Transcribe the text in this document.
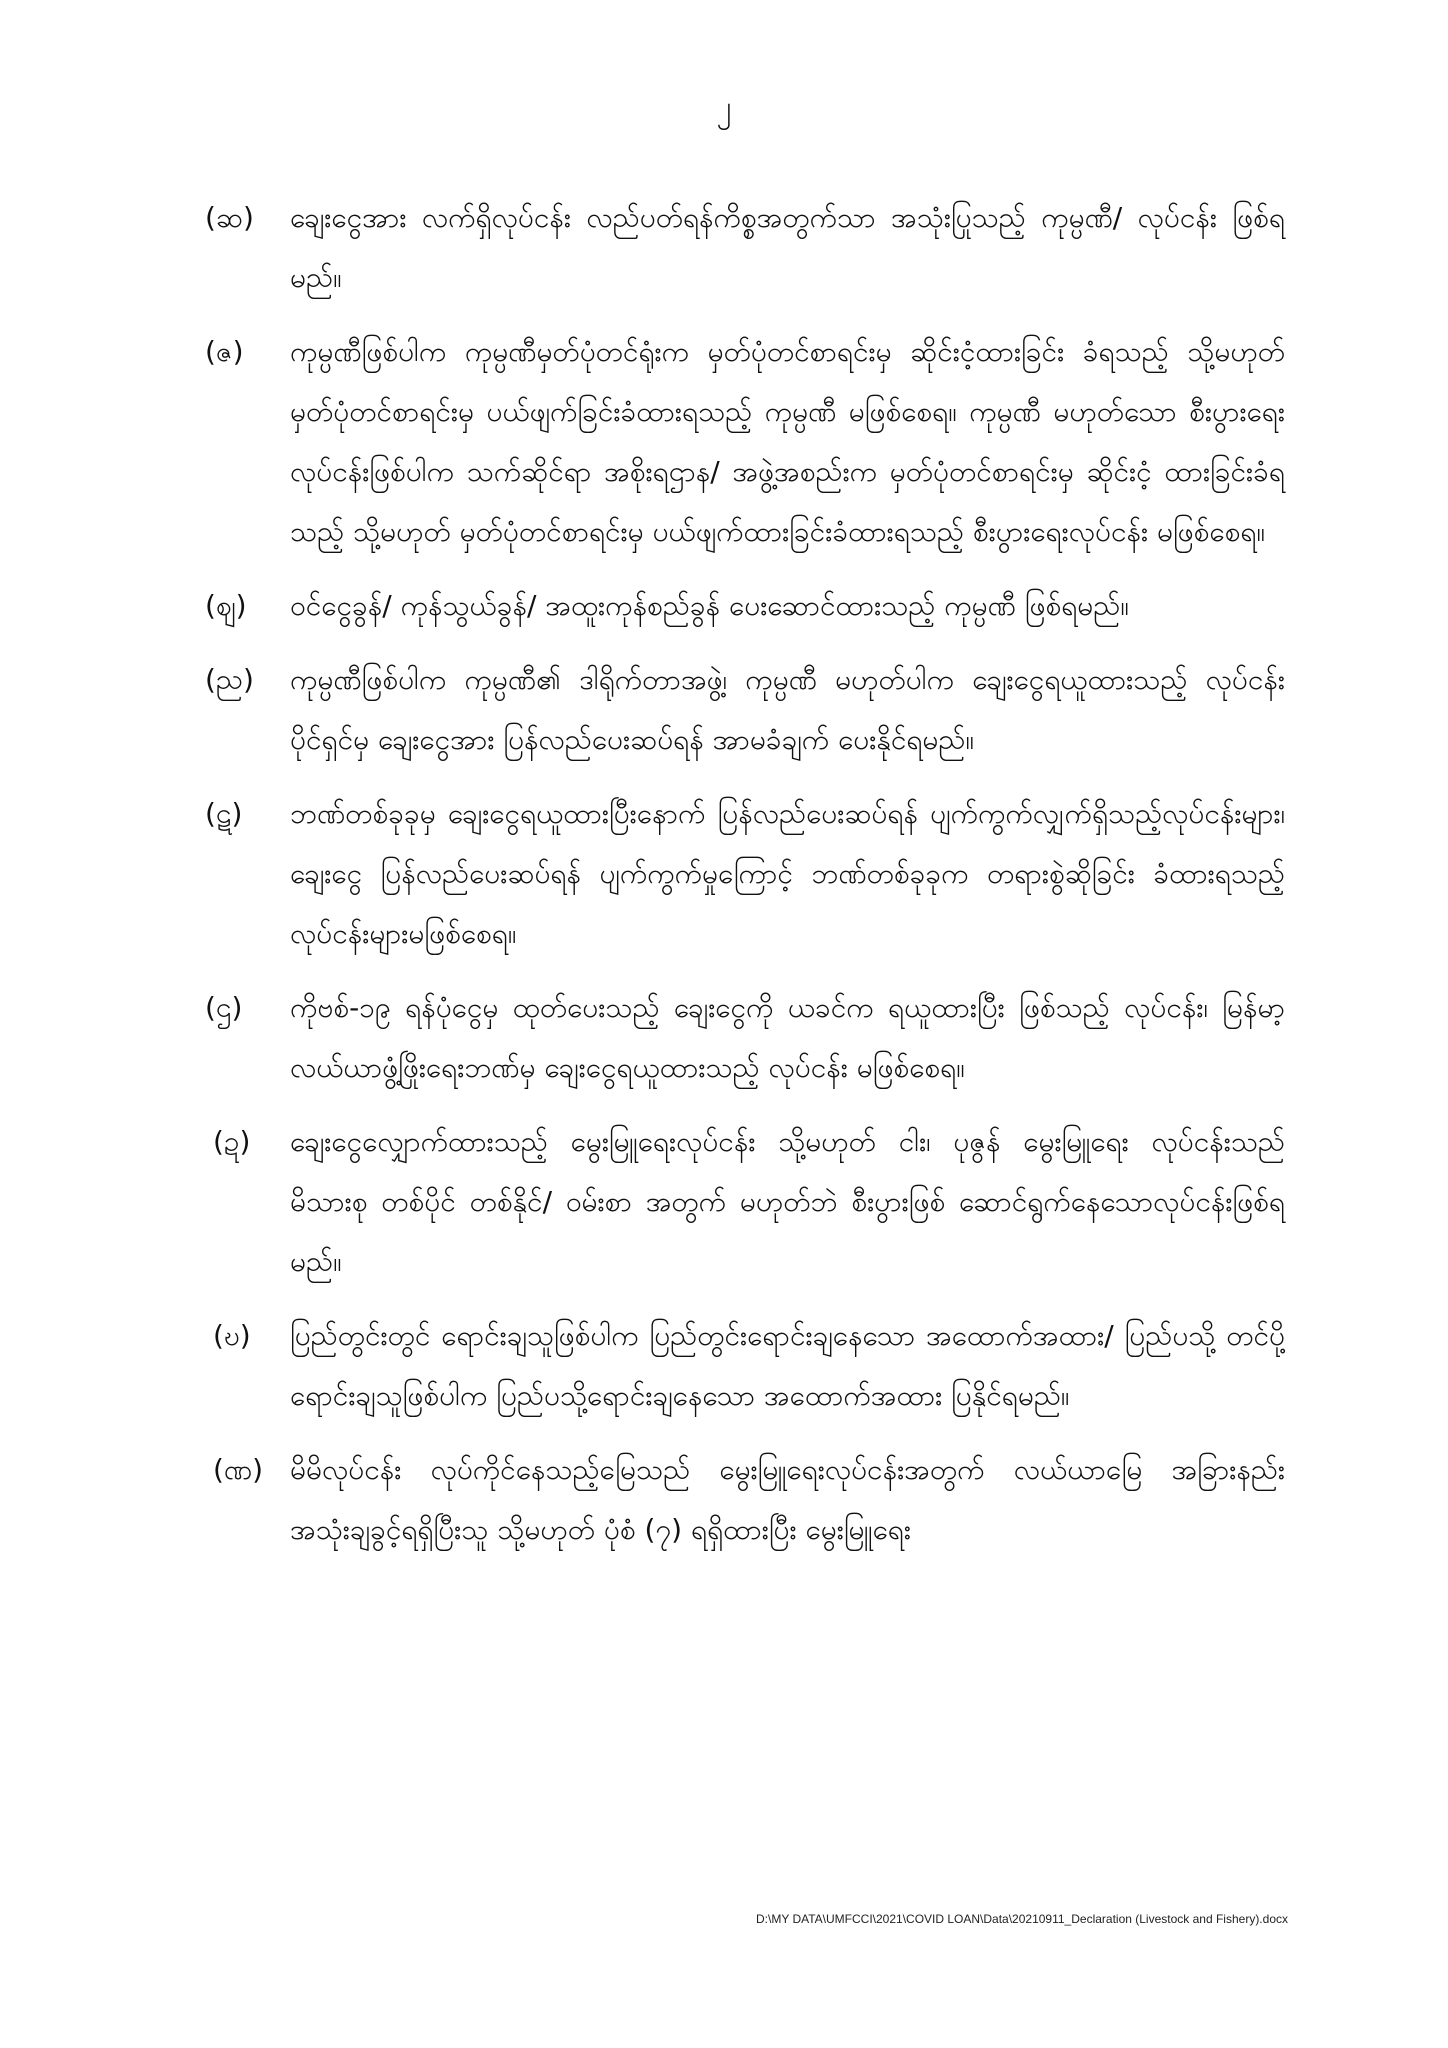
၂
(ဆ)	ချေးငွေအား လက်ရှိလုပ်ငန်း လည်ပတ်ရန်ကိစ္စအတွက်သာ အသုံးပြုသည့် ကုမ္ပဏီ/ လုပ်ငန်း ဖြစ်ရမည်။
(ဇ)	ကုမ္ပဏီဖြစ်ပါက ကုမ္ပဏီမှတ်ပုံတင်ရုံးက မှတ်ပုံတင်စာရင်းမှ ဆိုင်းငံ့ထားခြင်း ခံရသည့် သို့မဟုတ် မှတ်ပုံတင်စာရင်းမှ ပယ်ဖျက်ခြင်းခံထားရသည့် ကုမ္ပဏီ မဖြစ်စေရ။ ကုမ္ပဏီ မဟုတ်သော စီးပွားရေးလုပ်ငန်းဖြစ်ပါက သက်ဆိုင်ရာ အစိုးရဌာန/ အဖွဲ့အစည်းက မှတ်ပုံတင်စာရင်းမှ ဆိုင်းငံ့ ထားခြင်းခံရသည့် သို့မဟုတ် မှတ်ပုံတင်စာရင်းမှ ပယ်ဖျက်ထားခြင်းခံထားရသည့် စီးပွားရေးလုပ်ငန်း မဖြစ်စေရ။
(ဈ)	ဝင်ငွေခွန်/ ကုန်သွယ်ခွန်/ အထူးကုန်စည်ခွန် ပေးဆောင်ထားသည့် ကုမ္ပဏီ ဖြစ်ရမည်။
(ည)	ကုမ္ပဏီဖြစ်ပါက ကုမ္ပဏီ၏ ဒါရိုက်တာအဖွဲ့၊ ကုမ္ပဏီ မဟုတ်ပါက ချေးငွေရယူထားသည့် လုပ်ငန်းပိုင်ရှင်မှ ချေးငွေအား ပြန်လည်ပေးဆပ်ရန် အာမခံချက် ပေးနိုင်ရမည်။
(ဋ)	ဘဏ်တစ်ခုခုမှ ချေးငွေရယူထားပြီးနောက် ပြန်လည်ပေးဆပ်ရန် ပျက်ကွက်လျှက်ရှိသည့်လုပ်ငန်းများ၊ ချေးငွေ ပြန်လည်ပေးဆပ်ရန် ပျက်ကွက်မှုကြောင့် ဘဏ်တစ်ခုခုက တရားစွဲဆိုခြင်း ခံထားရသည့်လုပ်ငန်းများမဖြစ်စေရ။
(ဌ)	ကိုဗစ်-၁၉ ရန်ပုံငွေမှ ထုတ်ပေးသည့် ချေးငွေကို ယခင်က ရယူထားပြီး ဖြစ်သည့် လုပ်ငန်း၊ မြန်မာ့လယ်ယာဖွံ့ဖြိုးရေးဘဏ်မှ ချေးငွေရယူထားသည့် လုပ်ငန်း မဖြစ်စေရ။
(ဍ)	ချေးငွေလျှောက်ထားသည့် မွေးမြူရေးလုပ်ငန်း သို့မဟုတ် ငါး၊ ပုဇွန် မွေးမြူရေး လုပ်ငန်းသည် မိသားစု တစ်ပိုင် တစ်နိုင်/ ဝမ်းစာ အတွက် မဟုတ်ဘဲ စီးပွားဖြစ် ဆောင်ရွက်နေသောလုပ်ငန်းဖြစ်ရမည်။
(ဎ)	ပြည်တွင်းတွင် ရောင်းချသူဖြစ်ပါက ပြည်တွင်းရောင်းချနေသော အထောက်အထား/ ပြည်ပသို့ တင်ပို့ရောင်းချသူဖြစ်ပါက ပြည်ပသို့ရောင်းချနေသော အထောက်အထား ပြနိုင်ရမည်။
(ဏ) မိမိလုပ်ငန်း လုပ်ကိုင်နေသည့်မြေသည် မွေးမြူရေးလုပ်ငန်းအတွက် လယ်ယာမြေ အခြားနည်း အသုံးချခွင့်ရရှိပြီးသူ သို့မဟုတ် ပုံစံ (၇) ရရှိထားပြီး မွေးမြူရေး
D:\MY DATA\UMFCCI\2021\COVID LOAN\Data\20210911_Declaration (Livestock and Fishery).docx
